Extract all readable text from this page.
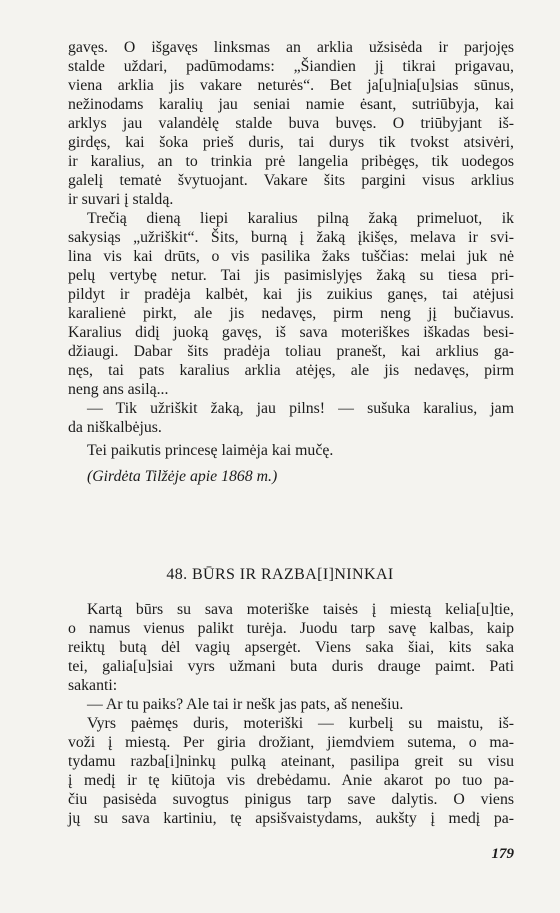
gavęs. O išgavęs linksmas an arklia užsisėda ir parjojęs
stalde uždari, padūmodams: „Šiandien jį tikrai prigavau,
viena arklia jis vakare neturės“. Bet ja[u]nia[u]sias sūnus,
nežinodams karalių jau seniai namie ėsant, sutriūbyja, kai
arklys jau valandėlę stalde buva buvęs. O triūbyjant iš-
girdęs, kai šoka prieš duris, tai durys tik tvokst atsivėri,
ir karalius, an to trinkia prė langelia pribėgęs, tik uodegos
galelį tematė švytuojant. Vakare šits pargini visus arklius
ir suvari į staldą.
Trečią dieną liepi karalius pilną žaką primeluot, ik
sakysiąs „užriškit“. Šits, burną į žaką įkišęs, melava ir svi-
lina vis kai drūts, o vis pasilika žaks tuščias: melai juk nė
pelų vertybę netur. Tai jis pasimislyjęs žaką su tiesa pri-
pildyt ir pradėja kalbėt, kai jis zuikius ganęs, tai atėjusi
karalienė pirkt, ale jis nedavęs, pirm neng jį bučiavus.
Karalius didį juoką gavęs, iš sava moteriškes iškadas besi-
džiaugi. Dabar šits pradėja toliau pranešt, kai arklius ga-
nęs, tai pats karalius arklia atėjęs, ale jis nedavęs, pirm
neng ans asilą...
— Tik užriškit žaką, jau pilns! — sušuka karalius, jam
da niškalbėjus.
Tei paikutis princesę laimėja kai mučę.
(Girdėta Tilžėje apie 1868 m.)
48. BŪRS IR RAZBA[I]NINKAI
Kartą būrs su sava moteriške taisės į miestą kelia[u]tie,
o namus vienus palikt turėja. Juodu tarp savę kalbas, kaip
reiktų butą dėl vagių apsergėt. Viens saka šiai, kits saka
tei, galia[u]siai vyrs užmani buta duris drauge paimt. Pati
sakanti:
— Ar tu paiks? Ale tai ir nešk jas pats, aš nenešiu.
Vyrs paėmęs duris, moteriški — kurbelį su maistu, iš-
voži į miestą. Per giria drožiant, jiemdviem sutema, o ma-
tydamu razba[i]ninkų pulką ateinant, pasilipa greit su visu
į medį ir tę kiūtoja vis drebėdamu. Anie akarot po tuo pa-
čiu pasisėda suvogtus pinigus tarp save dalytis. O viens
jų su sava kartiniu, tę apsišvaistydams, aukšty į medį pa-
179
